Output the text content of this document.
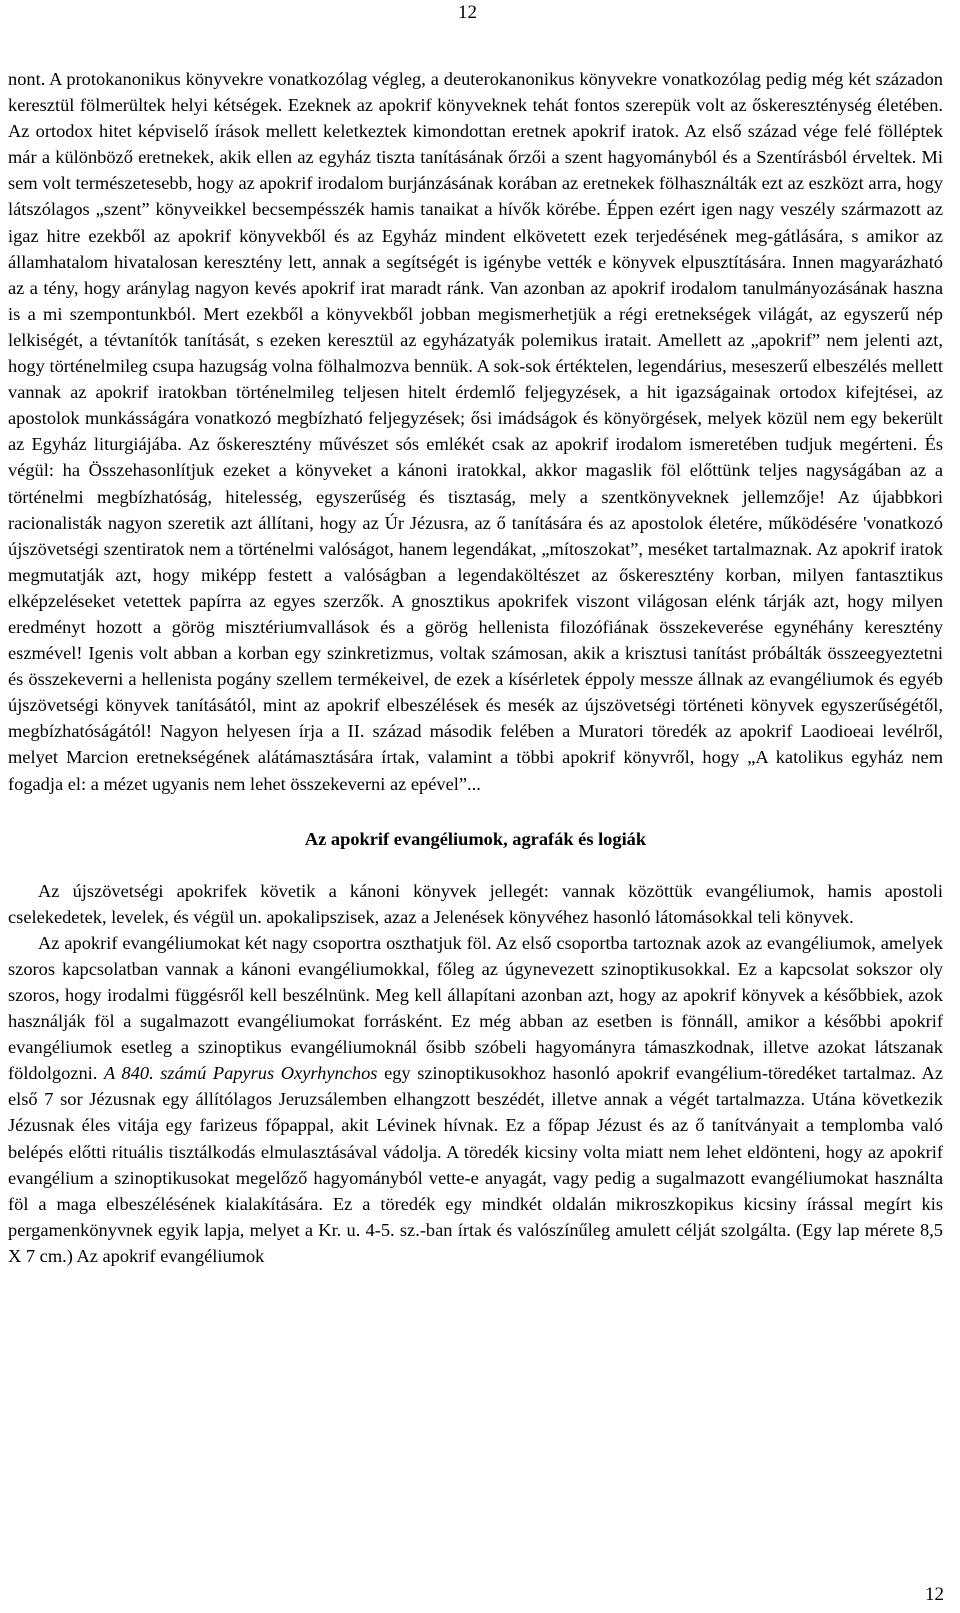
12

nont. A protokanonikus könyvekre vonatkozólag végleg, a deuterokanonikus könyvekre vonatkozólag pedig még két századon keresztül fölmerültek helyi kétségek. Ezeknek az apokrif könyveknek tehát fontos szerepük volt az őskereszténység életében. Az ortodox hitet képviselő írások mellett keletkeztek kimondottan eretnek apokrif iratok. Az első század vége felé fölléptek már a különböző eretnekek, akik ellen az egyház tiszta tanításának őrzői a szent hagyományból és a Szentírásból érveltek. Mi sem volt természetesebb, hogy az apokrif irodalom burjánzásának korában az eretnekek fölhasználták ezt az eszközt arra, hogy látszólagos „szent” könyveikkel becsempésszék hamis tanaikat a hívők körébe. Éppen ezért igen nagy veszély származott az igaz hitre ezekből az apokrif könyvekből és az Egyház mindent elkövetett ezek terjedésének meg-gátlására, s amikor az államhatalom hivatalosan keresztény lett, annak a segítségét is igénybe vették e könyvek elpusztítására. Innen magyarázható az a tény, hogy aránylag nagyon kevés apokrif irat maradt ránk. Van azonban az apokrif irodalom tanulmányozásának haszna is a mi szempontunkból. Mert ezekből a könyvekből jobban megismerhetjük a régi eretnekségek világát, az egyszerű nép lelkiségét, a tévtanítók tanítását, s ezeken keresztül az egyházatyák polemikus iratait. Amellett az „apokrif” nem jelenti azt, hogy történelmileg csupa hazugság volna fölhalmozva bennük. A sok-sok értéktelen, legendárius, meseszerű elbeszélés mellett vannak az apokrif iratokban történelmileg teljesen hitelt érdemlő feljegyzések, a hit igazságainak ortodox kifejtései, az apostolok munkásságára vonatkozó megbízható feljegyzések; ősi imádságok és könyörgések, melyek közül nem egy bekerült az Egyház liturgiájába. Az őskeresztény művészet sós emlékét csak az apokrif irodalom ismeretében tudjuk megérteni. És végül: ha Összehasonlítjuk ezeket a könyveket a kánoni iratokkal, akkor magaslik föl előttünk teljes nagyságában az a történelmi megbízhatóság, hitelesség, egyszerűség és tisztaság, mely a szentkönyveknek jellemzője! Az újabbkori racionalisták nagyon szeretik azt állítani, hogy az Úr Jézusra, az ő tanítására és az apostolok életére, működésére 'vonatkozó újszövetségi szentiratok nem a történelmi valóságot, hanem legendákat, „mítoszokat”, meséket tartalmaznak. Az apokrif iratok megmutatják azt, hogy miképp festett a valóságban a legendaköltészet az őskeresztény korban, milyen fantasztikus elképzeléseket vetettek papírra az egyes szerzők. A gnosztikus apokrifek viszont világosan elénk tárják azt, hogy milyen eredményt hozott a görög misztériumvallások és a görög hellenista filozófiának összekeverése egynéhány keresztény eszmével! Igenis volt abban a korban egy szinkretizmus, voltak számosan, akik a krisztusi tanítást próbálták összeegyeztetni és összekeverni a hellenista pogány szellem termékeivel, de ezek a kísérletek éppoly messze állnak az evangéliumok és egyéb újszövetségi könyvek tanításától, mint az apokrif elbeszélések és mesék az újszövetségi történeti könyvek egyszerűségétől, megbízhatóságától! Nagyon helyesen írja a II. század második felében a Muratori töredék az apokrif Laodioeai levélről, melyet Marcion eretnekségének alátámasztására írtak, valamint a többi apokrif könyvről, hogy „A katolikus egyház nem fogadja el: a mézet ugyanis nem lehet összekeverni az epével”...

Az apokrif evangéliumok, agrafák és logiák

Az újszövetségi apokrifek követik a kánoni könyvek jellegét: vannak közöttük evangéliumok, hamis apostoli cselekedetek, levelek, és végül un. apokalipszisek, azaz a Jelenések könyvéhez hasonló látomásokkal teli könyvek.

Az apokrif evangéliumokat két nagy csoportra oszthatjuk föl. Az első csoportba tartoznak azok az evangéliumok, amelyek szoros kapcsolatban vannak a kánoni evangéliumokkal, főleg az úgynevezett szinoptikusokkal. Ez a kapcsolat sokszor oly szoros, hogy irodalmi függésről kell beszélnünk. Meg kell állapítani azonban azt, hogy az apokrif könyvek a későbbiek, azok használják föl a sugalmazott evangéliumokat forrásként. Ez még abban az esetben is fönnáll, amikor a későbbi apokrif evangéliumok esetleg a szinoptikus evangéliumoknál ősibb szóbeli hagyományra támaszkodnak, illetve azokat látszanak földolgozni. A 840. számú Papyrus Oxyrhynchos egy szinoptikusokhoz hasonló apokrif evangélium-töredéket tartalmaz. Az első 7 sor Jézusnak egy állítólagos Jeruzsálemben elhangzott beszédét, illetve annak a végét tartalmazza. Utána következik Jézusnak éles vitája egy farizeus főpappal, akit Lévinek hívnak. Ez a főpap Jézust és az ő tanítványait a templomba való belépés előtti rituális tisztálkodás elmulasztásával vádolja. A töredék kicsiny volta miatt nem lehet eldönteni, hogy az apokrif evangélium a szinoptikusokat megelőző hagyományból vette-e anyagát, vagy pedig a sugalmazott evangéliumokat használta föl a maga elbeszélésének kialakítására. Ez a töredék egy mindkét oldalán mikroszkopikus kicsiny írással megírt kis pergamenkönyvnek egyik lapja, melyet a Kr. u. 4-5. sz.-ban írtak és valószínűleg amulett célját szolgálta. (Egy lap mérete 8,5 X 7 cm.) Az apokrif evangéliumok

12
